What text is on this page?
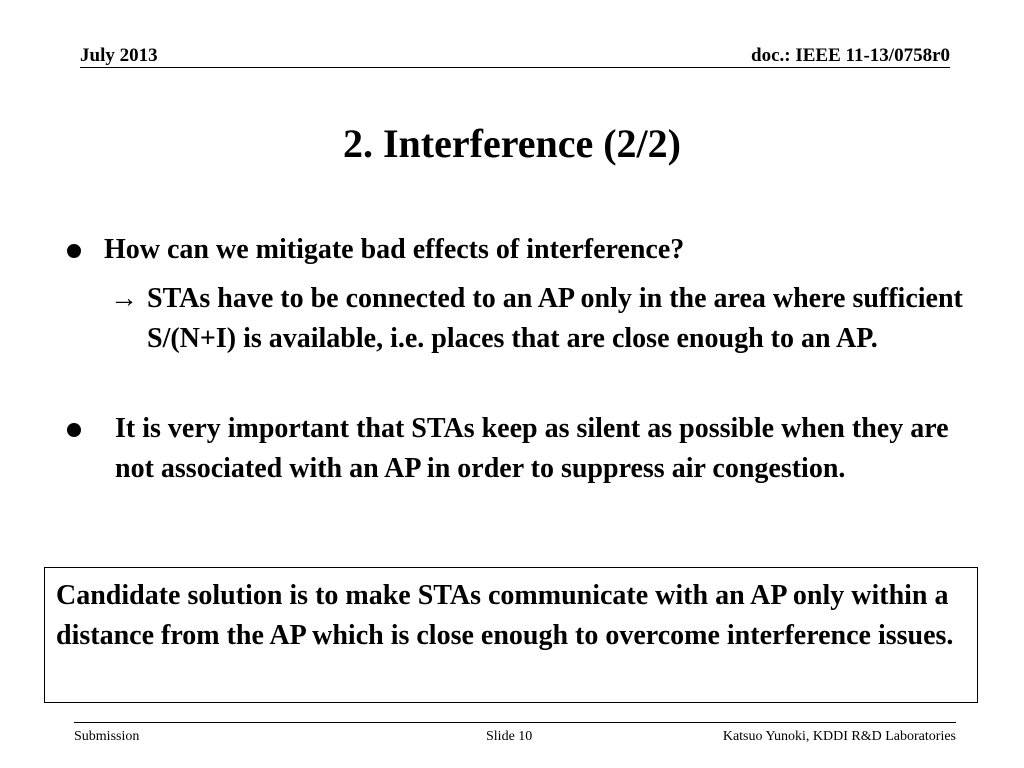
July 2013	doc.: IEEE 11-13/0758r0
2. Interference (2/2)
How can we mitigate bad effects of interference?
→ STAs have to be connected to an AP only in the area where sufficient S/(N+I) is available, i.e. places that are close enough to an AP.
It is very important that STAs keep as silent as possible when they are not associated with an AP in order to suppress air congestion.
Candidate solution is to make STAs communicate with an AP only within a distance from the AP which is close enough to overcome interference issues.
Submission	Slide 10	Katsuo Yunoki, KDDI R&D Laboratories
